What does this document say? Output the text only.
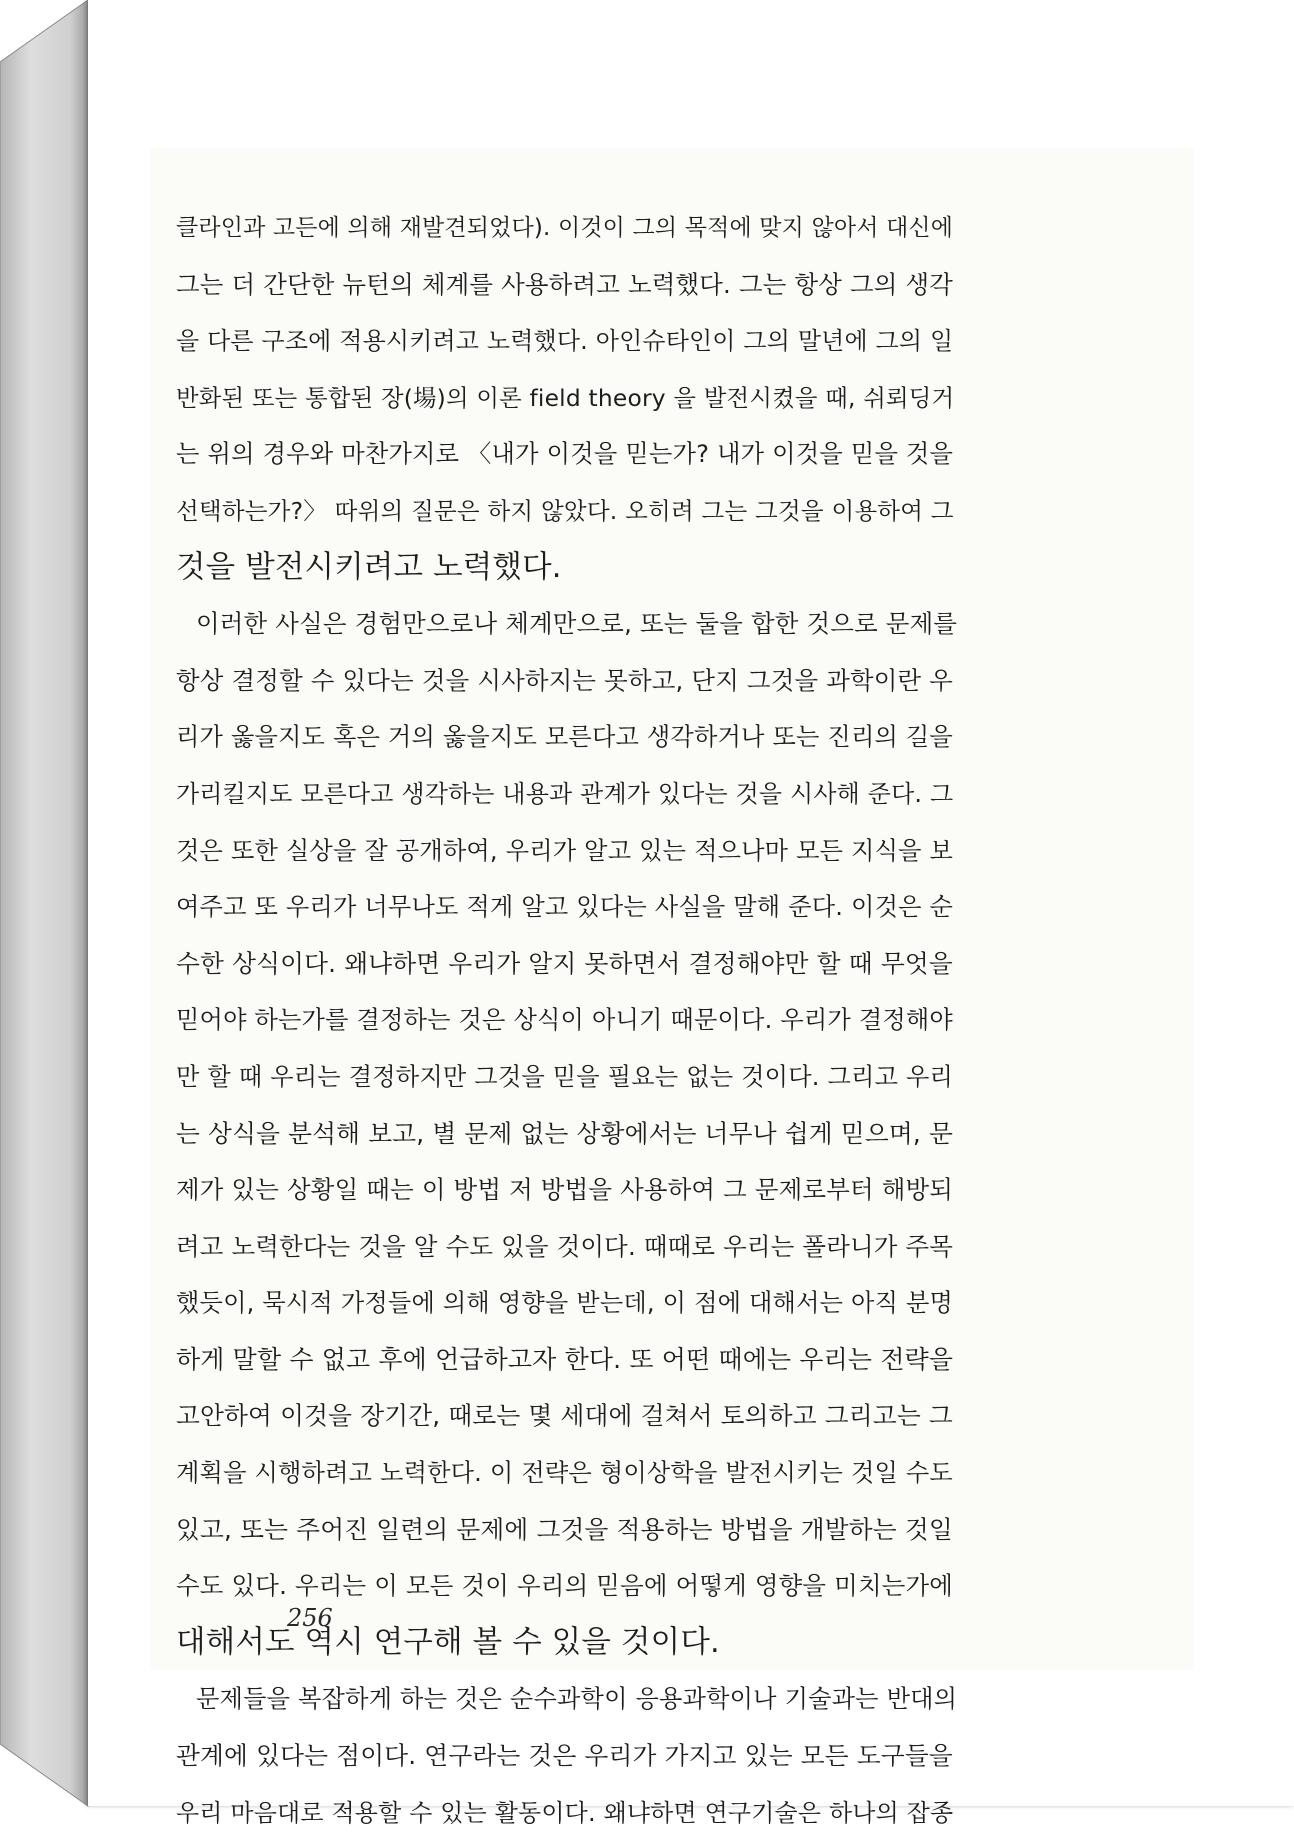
클라인과 고든에 의해 재발견되었다). 이것이 그의 목적에 맞지 않아서 대신에
그는 더 간단한 뉴턴의 체계를 사용하려고 노력했다. 그는 항상 그의 생각
을 다른 구조에 적용시키려고 노력했다. 아인슈타인이 그의 말년에 그의 일
반화된 또는 통합된 장(場)의 이론 field theory 을 발전시켰을 때, 쉬뢰딩거
는 위의 경우와 마찬가지로 〈내가 이것을 믿는가? 내가 이것을 믿을 것을
선택하는가?〉 따위의 질문은 하지 않았다. 오히려 그는 그것을 이용하여 그
것을 발전시키려고 노력했다.

이러한 사실은 경험만으로나 체계만으로, 또는 둘을 합한 것으로 문제를
항상 결정할 수 있다는 것을 시사하지는 못하고, 단지 그것을 과학이란 우
리가 옳을지도 혹은 거의 옳을지도 모른다고 생각하거나 또는 진리의 길을
가리킬지도 모른다고 생각하는 내용과 관계가 있다는 것을 시사해 준다. 그
것은 또한 실상을 잘 공개하여, 우리가 알고 있는 적으나마 모든 지식을 보
여주고 또 우리가 너무나도 적게 알고 있다는 사실을 말해 준다. 이것은 순
수한 상식이다. 왜냐하면 우리가 알지 못하면서 결정해야만 할 때 무엇을
믿어야 하는가를 결정하는 것은 상식이 아니기 때문이다. 우리가 결정해야
만 할 때 우리는 결정하지만 그것을 믿을 필요는 없는 것이다. 그리고 우리
는 상식을 분석해 보고, 별 문제 없는 상황에서는 너무나 쉽게 믿으며, 문
제가 있는 상황일 때는 이 방법 저 방법을 사용하여 그 문제로부터 해방되
려고 노력한다는 것을 알 수도 있을 것이다. 때때로 우리는 폴라니가 주목
했듯이, 묵시적 가정들에 의해 영향을 받는데, 이 점에 대해서는 아직 분명
하게 말할 수 없고 후에 언급하고자 한다. 또 어떤 때에는 우리는 전략을
고안하여 이것을 장기간, 때로는 몇 세대에 걸쳐서 토의하고 그리고는 그
계획을 시행하려고 노력한다. 이 전략은 형이상학을 발전시키는 것일 수도
있고, 또는 주어진 일련의 문제에 그것을 적용하는 방법을 개발하는 것일
수도 있다. 우리는 이 모든 것이 우리의 믿음에 어떻게 영향을 미치는가에
대해서도 역시 연구해 볼 수 있을 것이다.

문제들을 복잡하게 하는 것은 순수과학이 응용과학이나 기술과는 반대의
관계에 있다는 점이다. 연구라는 것은 우리가 가지고 있는 모든 도구들을
우리 마음대로 적용할 수 있는 활동이다. 왜냐하면 연구기술은 하나의 잡종

256
